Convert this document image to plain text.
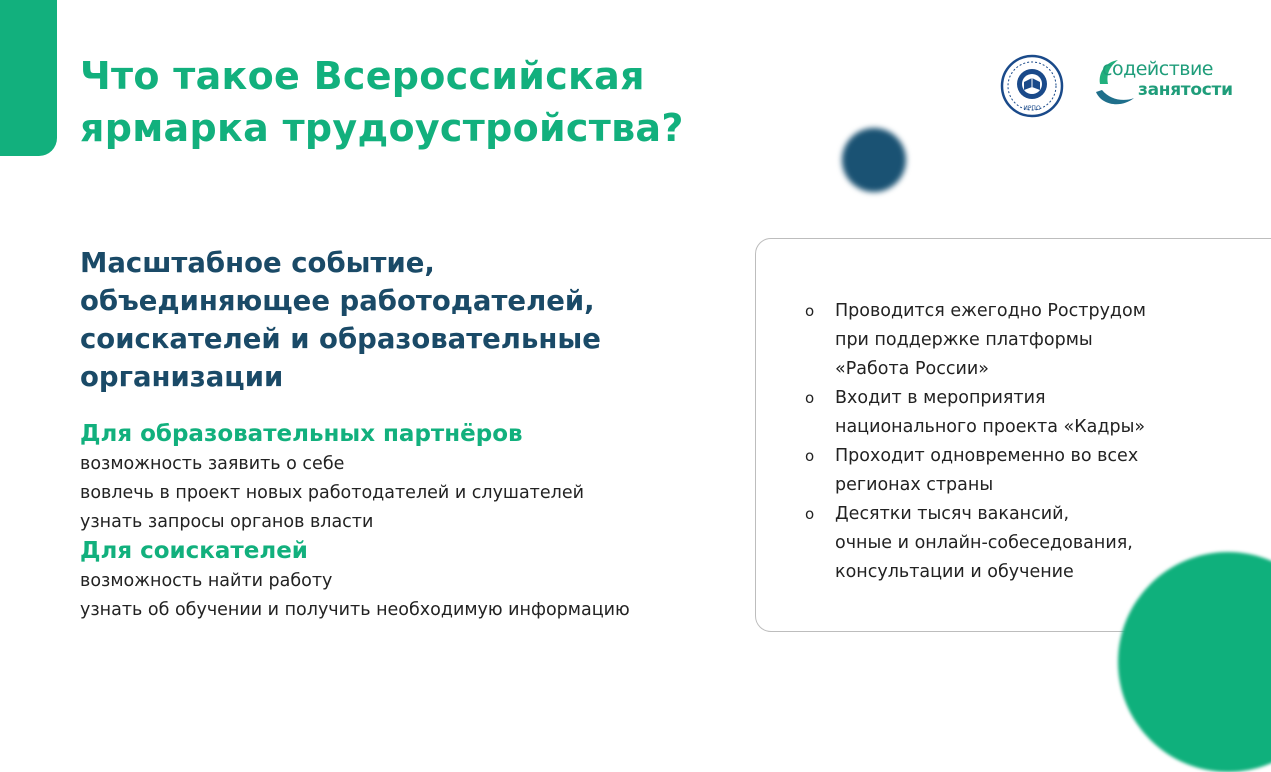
Что такое Всероссийская
ярмарка трудоустройства?	ИРПО
содействие
занятости
Масштабное событие,
объединяющее работодателей,
соискателей и образовательные
организации
Для образовательных партнёров
возможность заявить о себе
вовлечь в проект новых работодателей и слушателей
узнать запросы органов власти
Для соискателей
возможность найти работу
узнать об обучении и получить необходимую информацию
o Проводится ежегодно Рострудом
при поддержке платформы
«Работа России»
o Входит в мероприятия
национального проекта «Кадры»
o Проходит одновременно во всех
регионах страны
o Десятки тысяч вакансий,
очные и онлайн-собеседования,
консультации и обучение
